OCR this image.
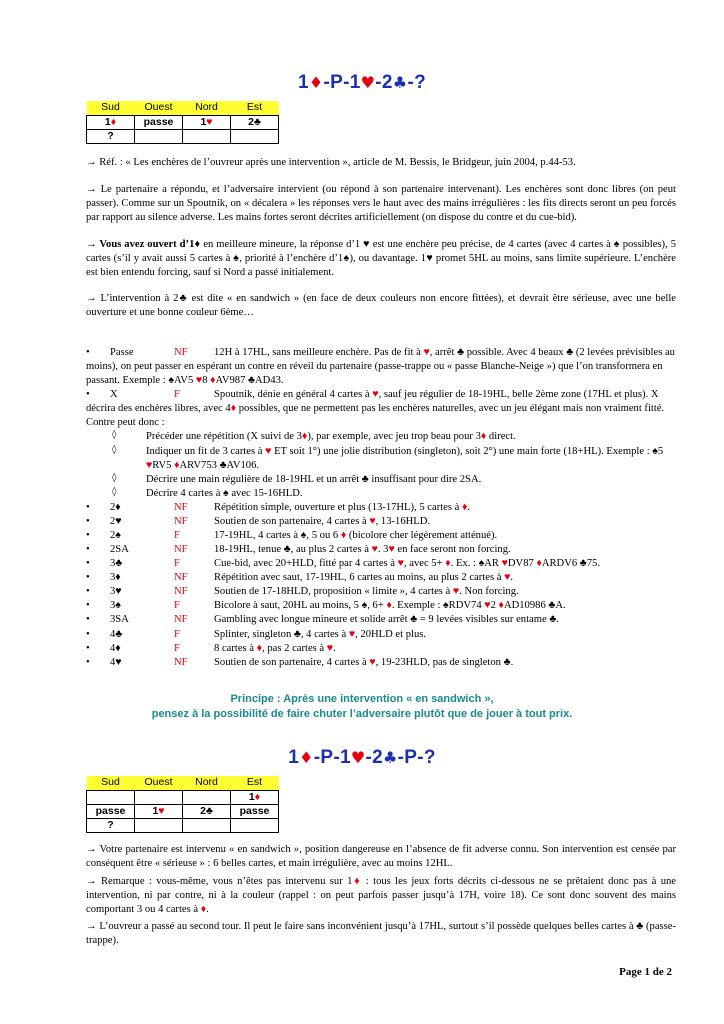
1♦-P-1♥-2♣-?
Sud	Ouest	Nord	Est
1♦	passe	1♥	2♣
?			
→ Réf. : « Les enchères de l’ouvreur après une intervention », article de M. Bessis, le Bridgeur, juin 2004, p.44-53.
→ Le partenaire a répondu, et l’adversaire intervient (ou répond à son partenaire intervenant). Les enchères sont donc libres (on peut passer). Comme sur un Spoutnik, on « décalera » les réponses vers le haut avec des mains irrégulières : les fits directs seront un peu forcés par rapport au silence adverse. Les mains fortes seront décrites artificiellement (on dispose du contre et du cue-bid).
→ Vous avez ouvert d’1♦ en meilleure mineure, la réponse d’1 ♥ est une enchère peu précise, de 4 cartes (avec 4 cartes à ♠ possibles), 5 cartes (s’il y avait aussi 5 cartes à ♠, priorité à l’enchère d’1♠), ou davantage. 1♥ promet 5HL au moins, sans limite supérieure. L’enchère est bien entendu forcing, sauf si Nord a passé initialement.
→ L’intervention à 2♣ est dite « en sandwich » (en face de deux couleurs non encore fittées), et devrait être sérieuse, avec une belle ouverture et une bonne couleur 6ème…
•	Passe	NF	12H à 17HL, sans meilleure enchère. Pas de fit à ♥, arrêt ♣ possible. Avec 4 beaux ♣ (2 levées prévisibles au moins), on peut passer en espérant un contre en réveil du partenaire (passe-trappe ou « passe Blanche-Neige ») que l’on transformera en passant. Exemple : ♠AV5 ♥8 ♦AV987 ♣AD43.
•	X	F	Spoutnik, dénie en général 4 cartes à ♥, sauf jeu régulier de 18-19HL, belle 2ème zone (17HL et plus). X décrira des enchères libres, avec 4♦ possibles, que ne permettent pas les enchères naturelles, avec un jeu élégant mais non vraiment fitté. Contre peut donc :
◊	Précéder une répétition (X suivi de 3♦), par exemple, avec jeu trop beau pour 3♦ direct.
◊	Indiquer un fit de 3 cartes à ♥ ET soit 1°) une jolie distribution (singleton), soit 2°) une main forte (18+HL). Exemple : ♠5 ♥RV5 ♦ARV753 ♣AV106.
◊	Décrire une main régulière de 18-19HL et un arrêt ♣ insuffisant pour dire 2SA.
◊	Décrire 4 cartes à ♠ avec 15-16HLD.
•	2♦	NF	Répétition simple, ouverture et plus (13-17HL), 5 cartes à ♦.
•	2♥	NF	Soutien de son partenaire, 4 cartes à ♥, 13-16HLD.
•	2♠	F	17-19HL, 4 cartes à ♠, 5 ou 6 ♦ (bicolore cher légèrement atténué).
•	2SA	NF	18-19HL, tenue ♣, au plus 2 cartes à ♥. 3♥ en face seront non forcing.
•	3♣	F	Cue-bid, avec 20+HLD, fitté par 4 cartes à ♥, avec 5+ ♦. Ex. : ♠AR ♥DV87 ♦ARDV6 ♣75.
•	3♦	NF	Répétition avec saut, 17-19HL, 6 cartes au moins, au plus 2 cartes à ♥.
•	3♥	NF	Soutien de 17-18HLD, proposition « limite », 4 cartes à ♥. Non forcing.
•	3♠	F	Bicolore à saut, 20HL au moins, 5 ♠, 6+ ♦. Exemple : ♠RDV74 ♥2 ♦AD10986 ♣A.
•	3SA	NF	Gambling avec longue mineure et solide arrêt ♣ = 9 levées visibles sur entame ♣.
•	4♣	F	Splinter, singleton ♣, 4 cartes à ♥, 20HLD et plus.
•	4♦	F	8 cartes à ♦, pas 2 cartes à ♥.
•	4♥	NF	Soutien de son partenaire, 4 cartes à ♥, 19-23HLD, pas de singleton ♣.
Principe : Après une intervention « en sandwich »,
pensez à la possibilité de faire chuter l’adversaire plutôt que de jouer à tout prix.
1♦-P-1♥-2♣-P-?
Sud	Ouest	Nord	Est
			1♦
passe	1♥	2♣	passe
?			
→ Votre partenaire est intervenu « en sandwich », position dangereuse en l’absence de fit adverse connu. Son intervention est censée par conséquent être « sérieuse » : 6 belles cartes, et main irrégulière, avec au moins 12HL.
→ Remarque : vous-même, vous n’êtes pas intervenu sur 1♦ : tous les jeux forts décrits ci-dessous ne se prêtaient donc pas à une intervention, ni par contre, ni à la couleur (rappel : on peut parfois passer jusqu’à 17H, voire 18). Ce sont donc souvent des mains comportant 3 ou 4 cartes à ♦.
→ L’ouvreur a passé au second tour. Il peut le faire sans inconvénient jusqu’à 17HL, surtout s’il possède quelques belles cartes à ♣ (passe-trappe).
Page 1 de 2
